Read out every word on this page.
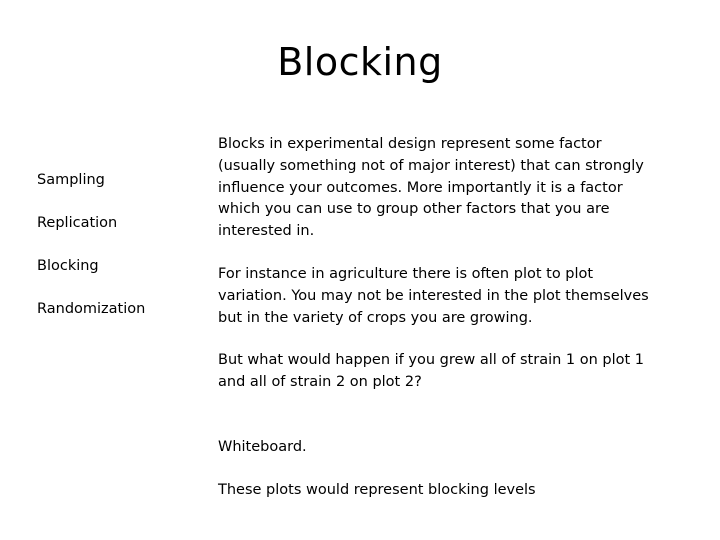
Blocking
Sampling
Replication
Blocking
Randomization

Blocks in experimental design represent some factor (usually something not of major interest) that can strongly influence your outcomes. More importantly it is a factor which you can use to group other factors that you are interested in.

For instance in agriculture there is often plot to plot variation. You may not be interested in the plot themselves but in the variety of crops you are growing.

But what would happen if you grew all of strain 1 on plot 1 and all of strain 2 on plot 2?

Whiteboard.

These plots would represent blocking levels
